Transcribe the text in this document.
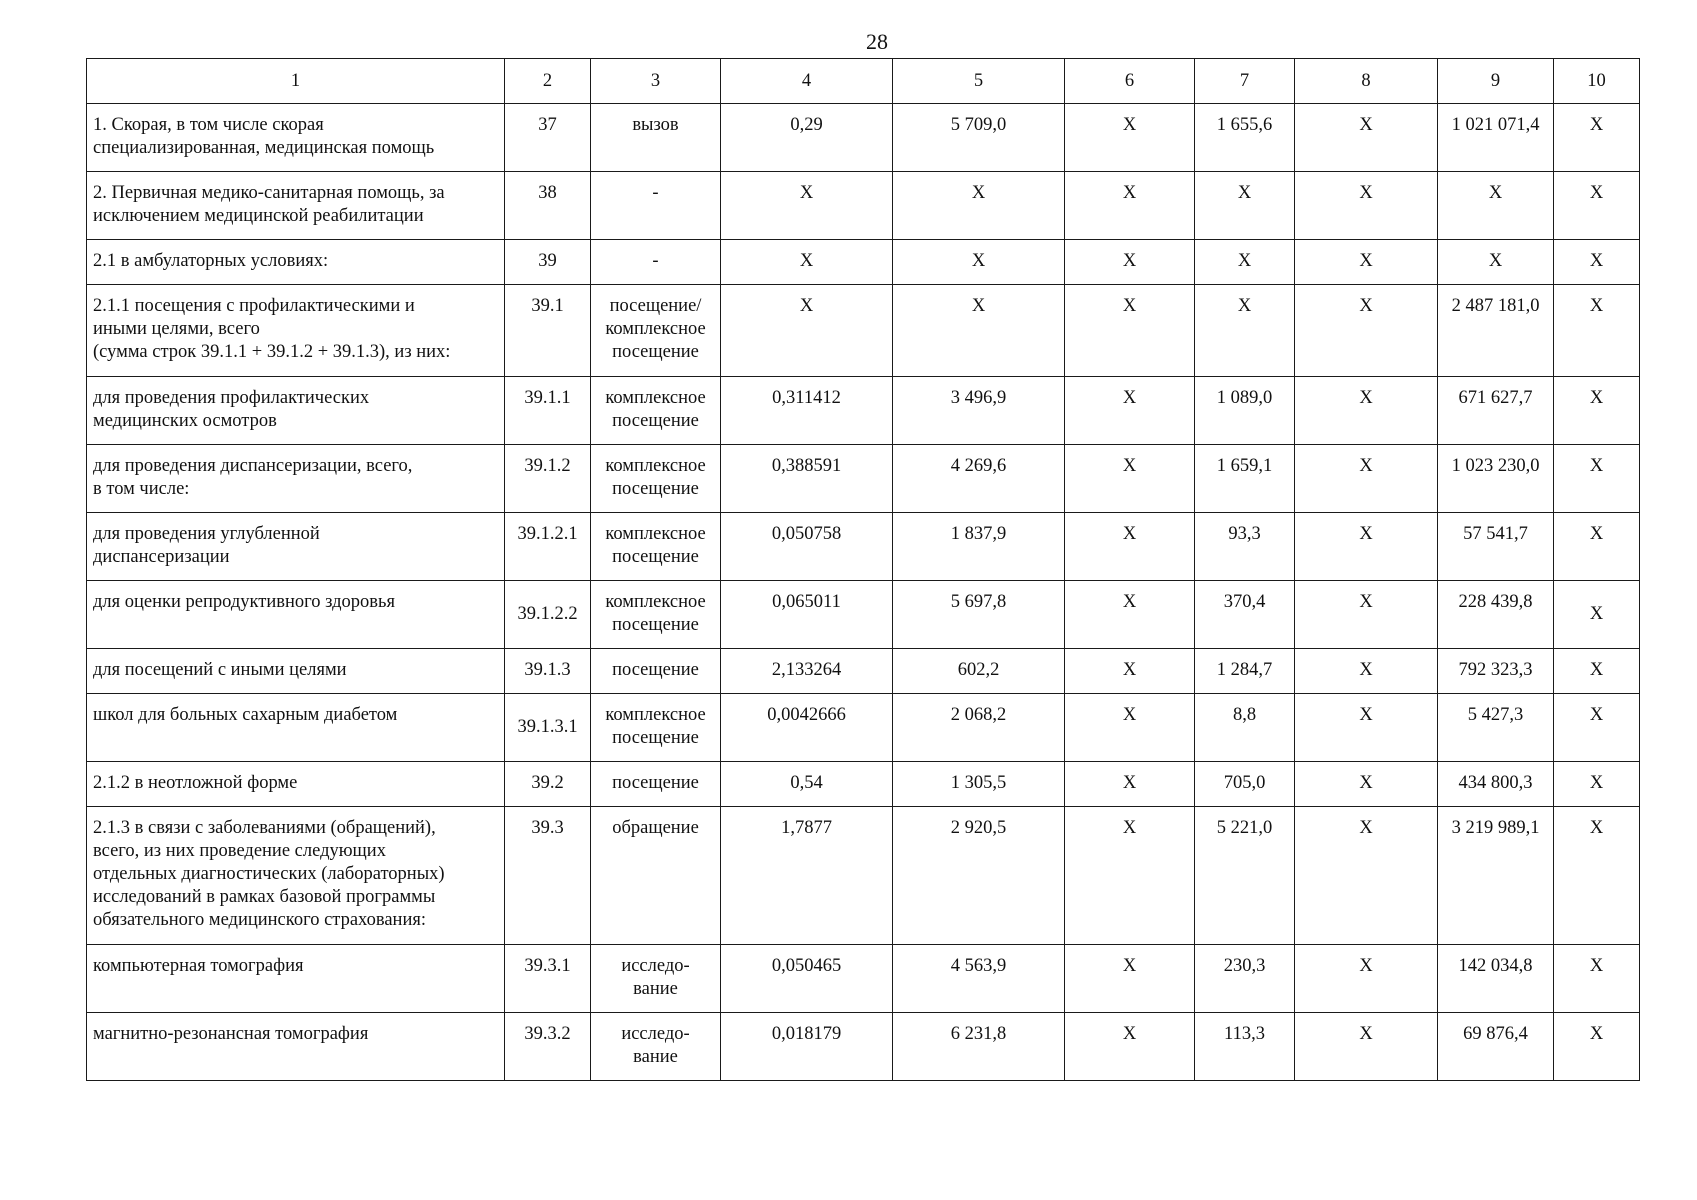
28
1	2	3	4	5	6	7	8	9	10

1. Скорая, в том числе скорая
специализированная, медицинская помощь	37	вызов	0,29	5 709,0	Х	1 655,6	Х	1 021 071,4	Х

2. Первичная медико-санитарная помощь, за
исключением медицинской реабилитации	38	-	Х	Х	Х	Х	Х	Х	Х

2.1 в амбулаторных условиях:	39	-	Х	Х	Х	Х	Х	Х	Х

2.1.1 посещения с профилактическими и
иными целями, всего
(сумма строк 39.1.1 + 39.1.2 + 39.1.3), из них:	39.1	посещение/
комплексное
посещение	Х	Х	Х	Х	Х	2 487 181,0	Х

для проведения профилактических
медицинских осмотров	39.1.1	комплексное
посещение	0,311412	3 496,9	Х	1 089,0	Х	671 627,7	Х

для проведения диспансеризации, всего,
в том числе:	39.1.2	комплексное
посещение	0,388591	4 269,6	Х	1 659,1	Х	1 023 230,0	Х

для проведения углубленной
диспансеризации	39.1.2.1	комплексное
посещение	0,050758	1 837,9	Х	93,3	Х	57 541,7	Х

для оценки репродуктивного здоровья	39.1.2.2	комплексное
посещение	0,065011	5 697,8	Х	370,4	Х	228 439,8	Х

для посещений с иными целями	39.1.3	посещение	2,133264	602,2	Х	1 284,7	Х	792 323,3	Х

школ для больных сахарным диабетом	39.1.3.1	комплексное
посещение	0,0042666	2 068,2	Х	8,8	Х	5 427,3	Х

2.1.2 в неотложной форме	39.2	посещение	0,54	1 305,5	Х	705,0	Х	434 800,3	Х

2.1.3 в связи с заболеваниями (обращений),
всего, из них проведение следующих
отдельных диагностических (лабораторных)
исследований в рамках базовой программы
обязательного медицинского страхования:	39.3	обращение	1,7877	2 920,5	Х	5 221,0	Х	3 219 989,1	Х

компьютерная томография	39.3.1	исследо-
вание	0,050465	4 563,9	Х	230,3	Х	142 034,8	Х

магнитно-резонансная томография	39.3.2	исследо-
вание	0,018179	6 231,8	Х	113,3	Х	69 876,4	Х
